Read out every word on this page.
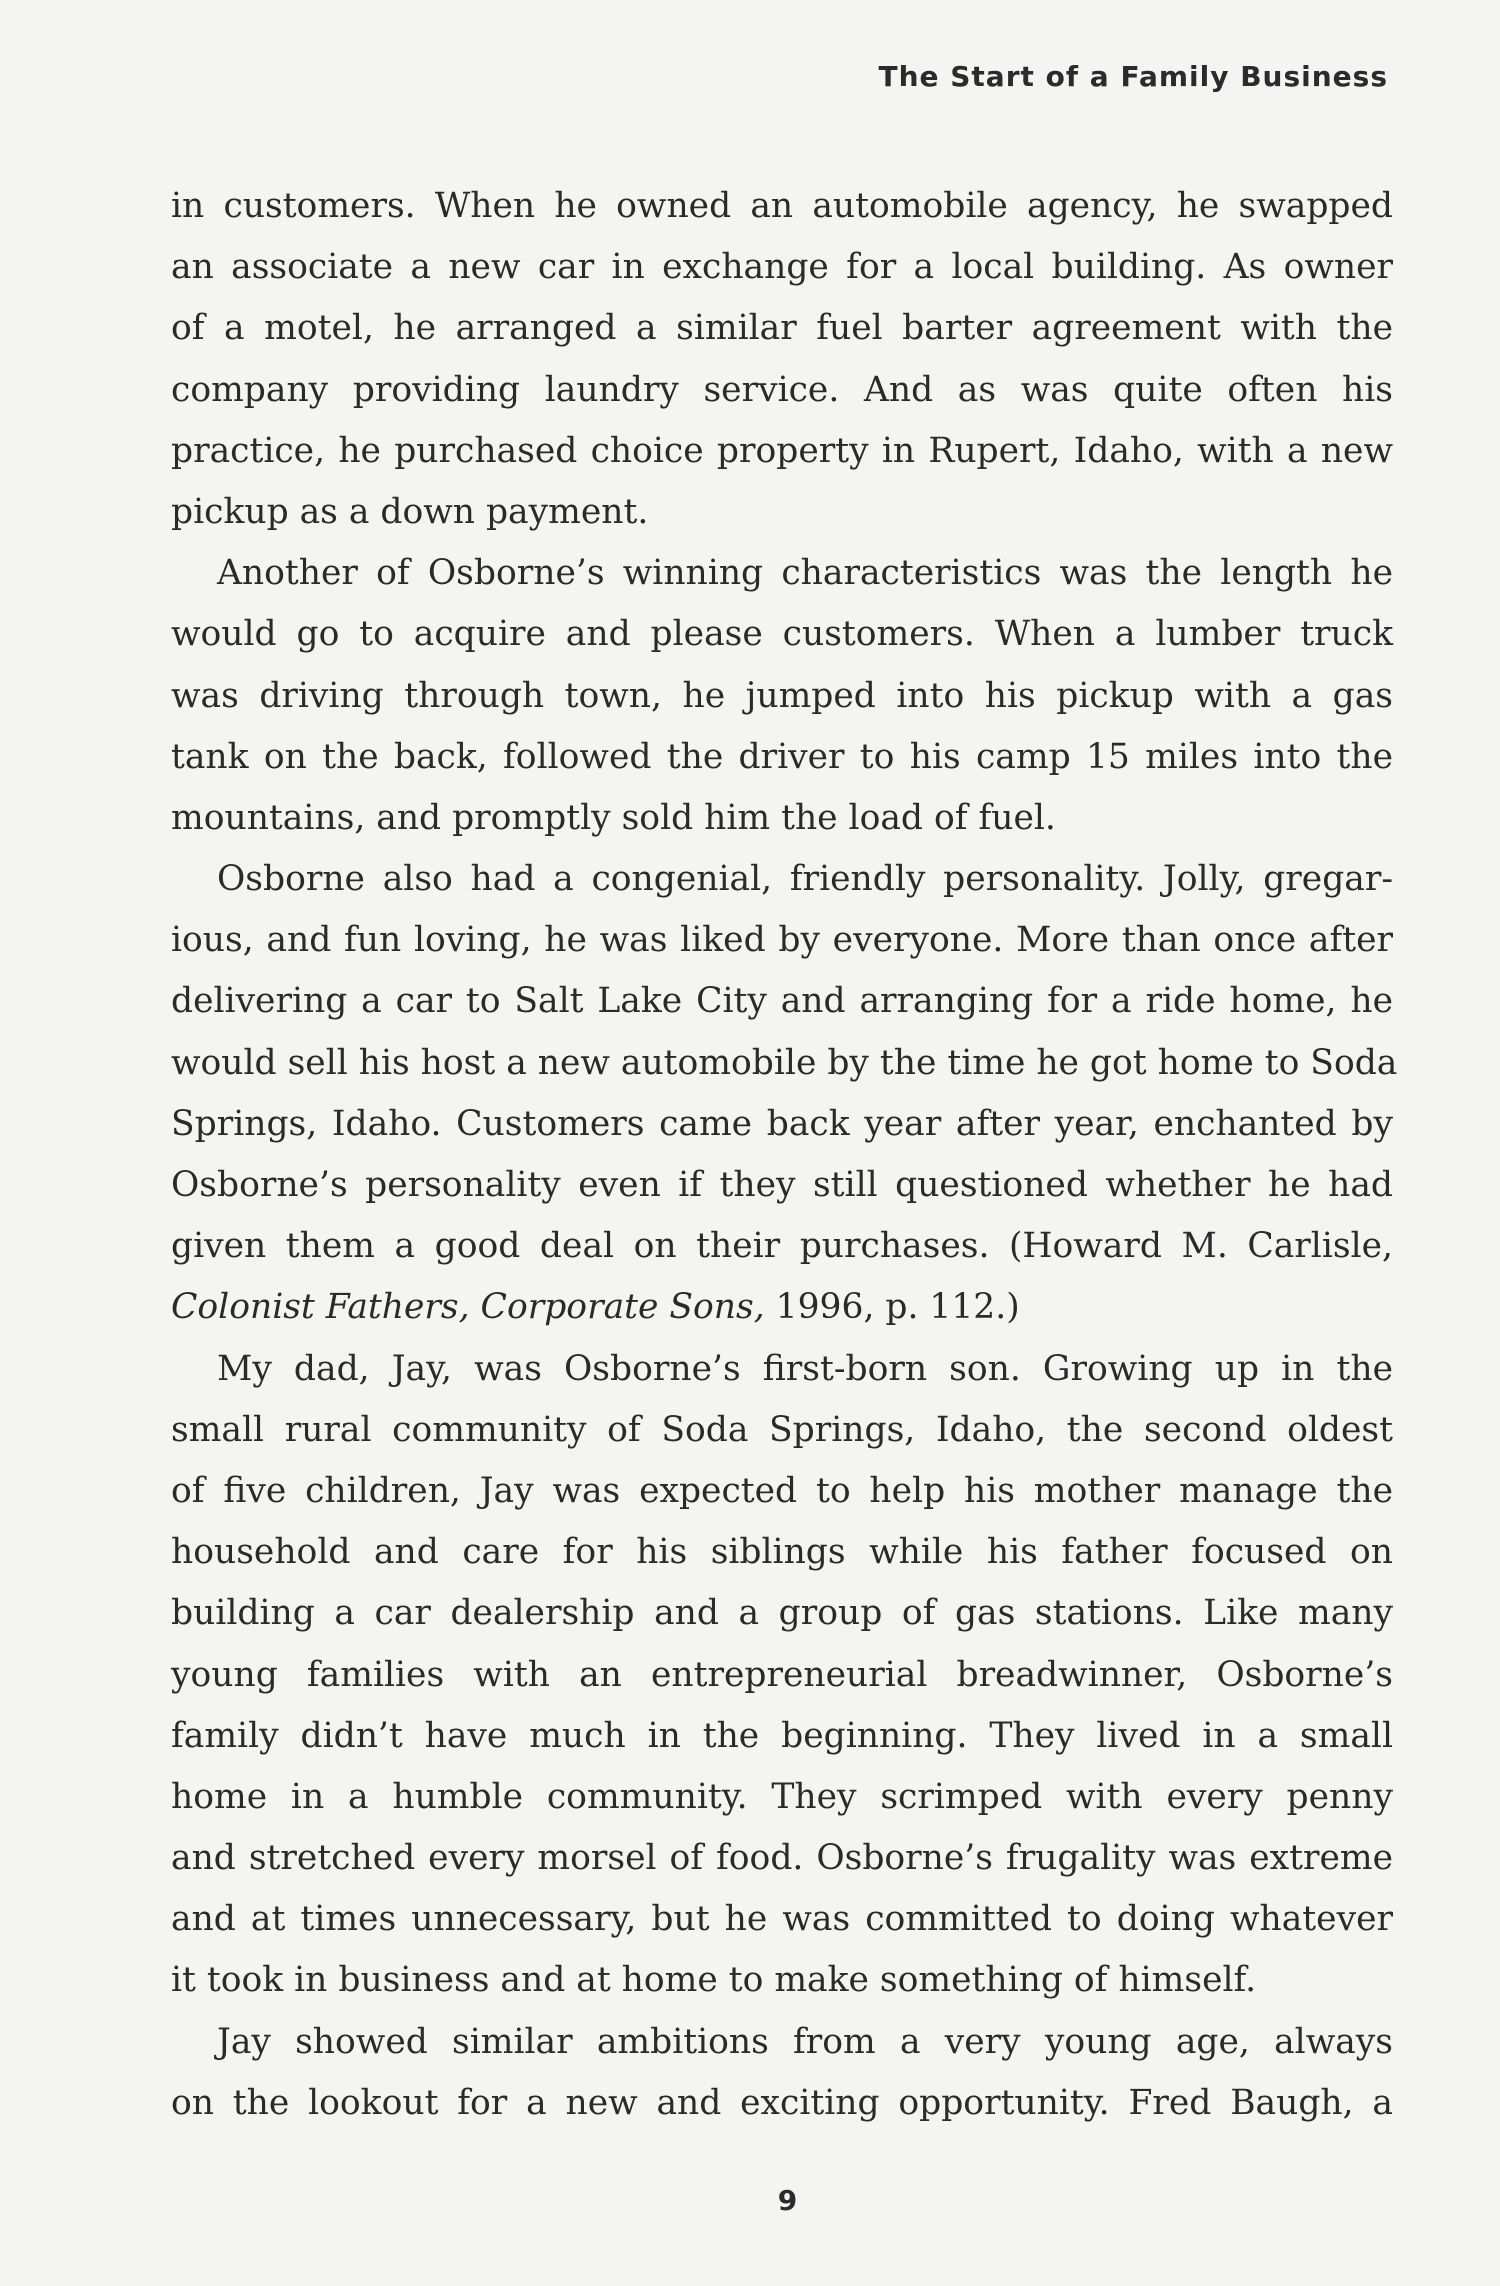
The Start of a Family Business
in customers. When he owned an automobile agency, he swapped
an associate a new car in exchange for a local building. As owner
of a motel, he arranged a similar fuel barter agreement with the
company providing laundry service. And as was quite often his
practice, he purchased choice property in Rupert, Idaho, with a new
pickup as a down payment.
Another of Osborne’s winning characteristics was the length he
would go to acquire and please customers. When a lumber truck
was driving through town, he jumped into his pickup with a gas
tank on the back, followed the driver to his camp 15 miles into the
mountains, and promptly sold him the load of fuel.
Osborne also had a congenial, friendly personality. Jolly, gregar-
ious, and fun loving, he was liked by everyone. More than once after
delivering a car to Salt Lake City and arranging for a ride home, he
would sell his host a new automobile by the time he got home to Soda
Springs, Idaho. Customers came back year after year, enchanted by
Osborne’s personality even if they still questioned whether he had
given them a good deal on their purchases. (Howard M. Carlisle,
Colonist Fathers, Corporate Sons, 1996, p. 112.)
My dad, Jay, was Osborne’s first-born son. Growing up in the
small rural community of Soda Springs, Idaho, the second oldest
of five children, Jay was expected to help his mother manage the
household and care for his siblings while his father focused on
building a car dealership and a group of gas stations. Like many
young families with an entrepreneurial breadwinner, Osborne’s
family didn’t have much in the beginning. They lived in a small
home in a humble community. They scrimped with every penny
and stretched every morsel of food. Osborne’s frugality was extreme
and at times unnecessary, but he was committed to doing whatever
it took in business and at home to make something of himself.
Jay showed similar ambitions from a very young age, always
on the lookout for a new and exciting opportunity. Fred Baugh, a
9
